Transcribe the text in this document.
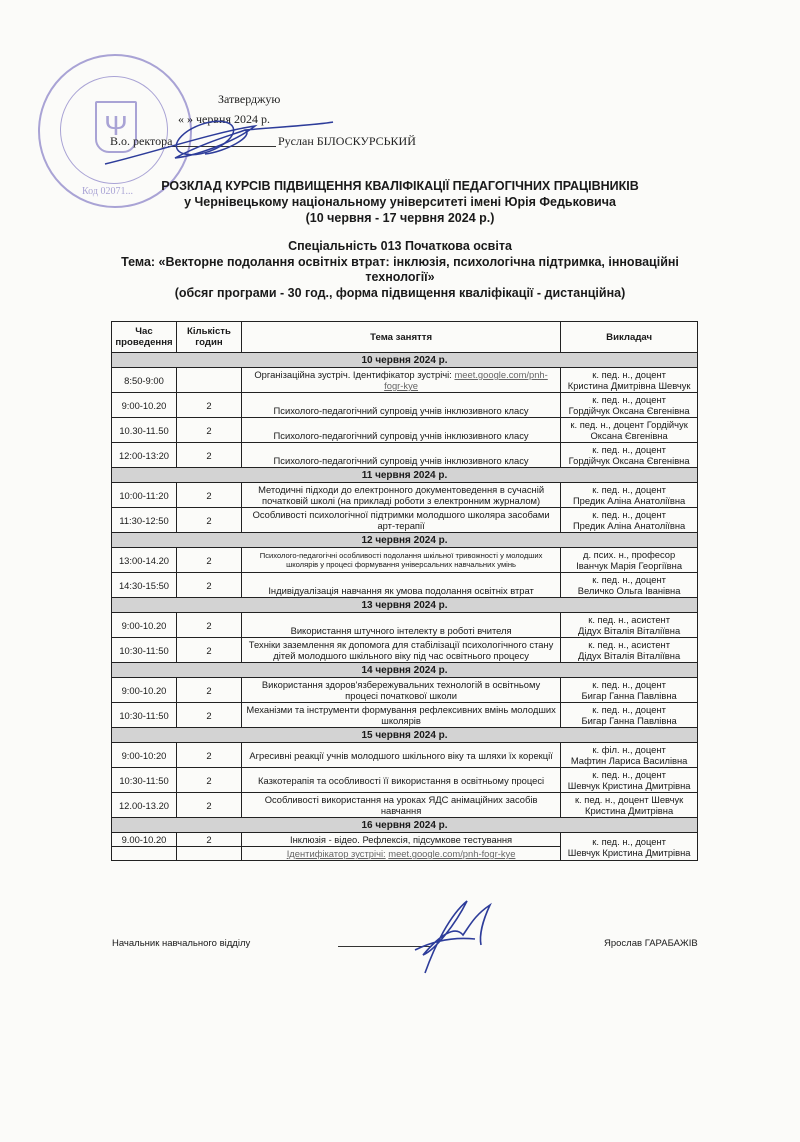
Ψ
Код 02071...
Затверджую
« » червня 2024 р.
В.о. ректора	Руслан БІЛОСКУРСЬКИЙ
РОЗКЛАД КУРСІВ ПІДВИЩЕННЯ КВАЛІФІКАЦІЇ ПЕДАГОГІЧНИХ ПРАЦІВНИКІВ
у Чернівецькому національному університеті імені Юрія Федьковича
(10 червня - 17 червня 2024 р.)
Спеціальність 013 Початкова освіта
Тема: «Векторне подолання освітніх втрат: інклюзія, психологічна підтримка, інноваційні
технології»
(обсяг програми - 30 год., форма підвищення кваліфікації - дистанційна)
Час проведення	Кількість годин	Тема заняття	Викладач
10 червня 2024 р.			
8:50-9:00		Організаційна зустріч. Ідентифікатор зустрічі: meet.google.com/pnh-fogr-kye	к. пед. н., доцент
Кристина Дмитрівна Шевчук

9:00-10.20	2	Психолого-педагогічний супровід учнів інклюзивного класу	к. пед. н., доцент
Гордійчук Оксана Євгенівна

10.30-11.50	2	Психолого-педагогічний супровід учнів інклюзивного класу	к. пед. н., доцент Гордійчук
Оксана Євгенівна

12:00-13:20	2	Психолого-педагогічний супровід учнів інклюзивного класу	к. пед. н., доцент
Гордійчук Оксана Євгенівна

11 червня 2024 р.			
10:00-11:20	2	Методичні підходи до електронного документоведення в сучасній початковій школі (на прикладі роботи з електронним журналом)	к. пед. н., доцент
Предик Аліна Анатоліївна

11:30-12:50	2	Особливості психологічної підтримки молодшого школяра засобами арт-терапії	к. пед. н., доцент
Предик Аліна Анатоліївна

12 червня 2024 р.			
13:00-14.20	2	Психолого-педагогічні особливості подолання шкільної тривожності у молодших школярів у процесі формування універсальних навчальних умінь	д. псих. н., професор
Іванчук Марія Георгіївна

14:30-15:50	2	Індивідуалізація навчання як умова подолання освітніх втрат	к. пед. н., доцент
Величко Ольга Іванівна

13 червня 2024 р.			
9:00-10.20	2	Використання штучного інтелекту в роботі вчителя	к. пед. н., асистент
Дідух Віталія Віталіївна

10:30-11:50	2	Техніки заземлення як допомога для стабілізації психологічного стану дітей молодшого шкільного віку під час освітнього процесу	к. пед. н., асистент
Дідух Віталія Віталіївна

14 червня 2024 р.			
9:00-10.20	2	Використання здоров'язбережувальних технологій в освітньому процесі початкової школи	к. пед. н., доцент
Бигар Ганна Павлівна

10:30-11:50	2	Механізми та інструменти формування рефлексивних вмінь молодших школярів	к. пед. н., доцент
Бигар Ганна Павлівна

15 червня 2024 р.			
9:00-10:20	2	Агресивні реакції учнів молодшого шкільного віку та шляхи їх корекції	к. філ. н., доцент
Мафтин Лариса Василівна

10:30-11:50	2	Казкотерапія та особливості її використання в освітньому процесі	к. пед. н., доцент
Шевчук Кристина Дмитрівна

12.00-13.20	2	Особливості використання на уроках ЯДС анімаційних засобів навчання	к. пед. н., доцент Шевчук
Кристина Дмитрівна

16 червня 2024 р.			
9.00-10.20	2	Інклюзія - відео. Рефлексія, підсумкове тестування	к. пед. н., доцент
Шевчук Кристина Дмитрівна

		Ідентифікатор зустрічі: meet.google.com/pnh-fogr-kye	
Начальник навчального відділу	Ярослав ГАРАБАЖІВ
